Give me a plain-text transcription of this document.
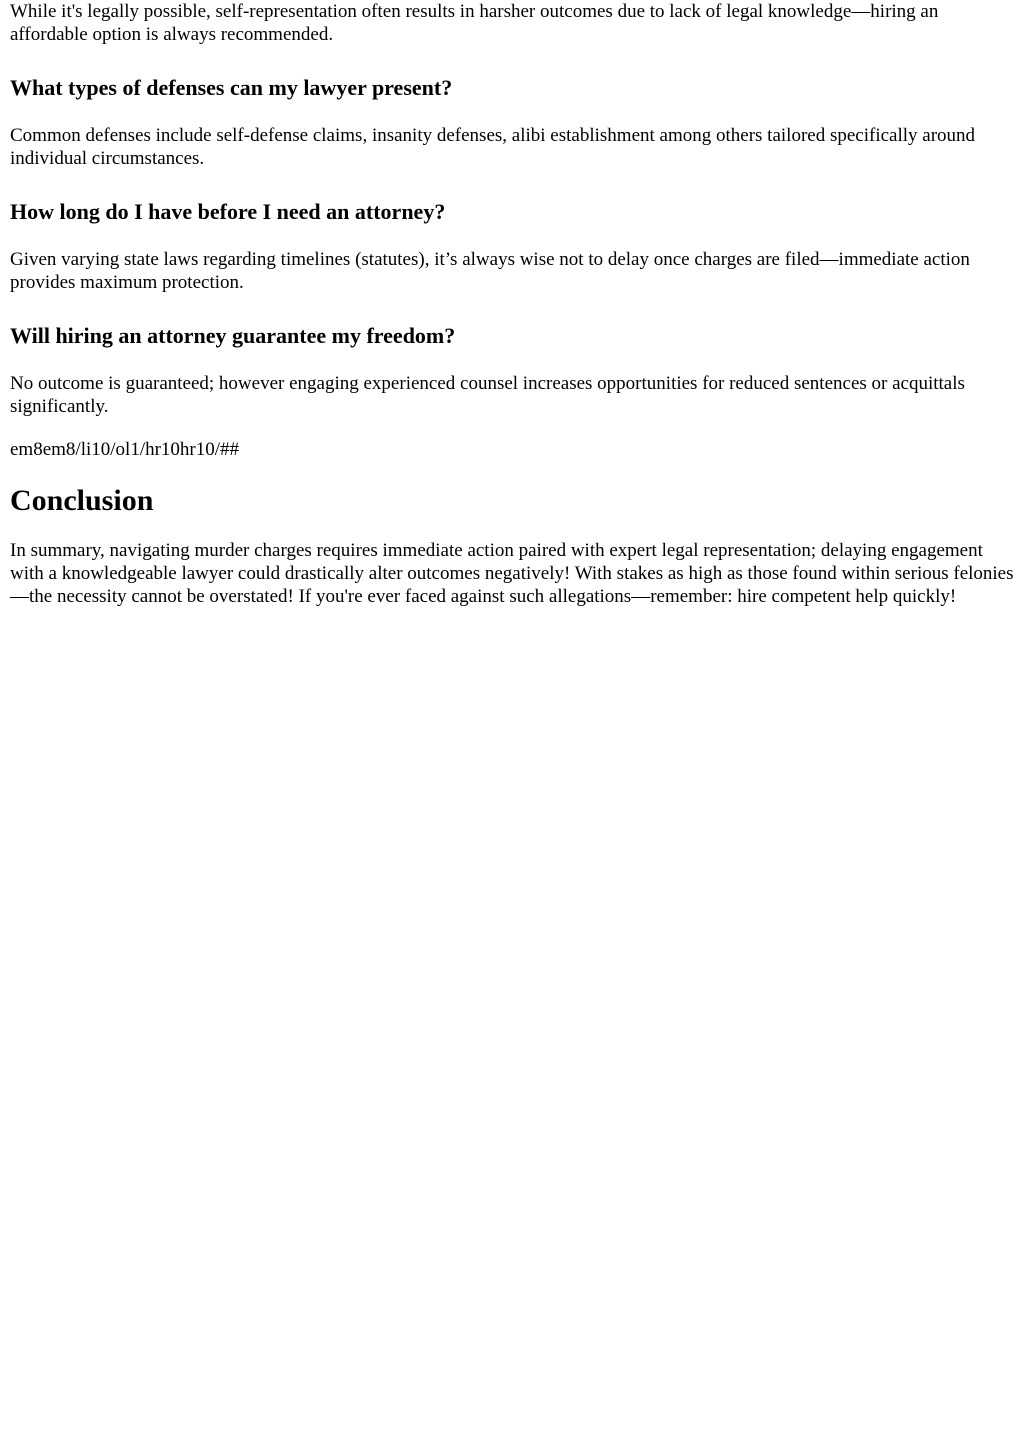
While it's legally possible, self-representation often results in harsher outcomes due to lack of legal knowledge—hiring an affordable option is always recommended.

What types of defenses can my lawyer present?

Common defenses include self-defense claims, insanity defenses, alibi establishment among others tailored specifically around individual circumstances.

How long do I have before I need an attorney?

Given varying state laws regarding timelines (statutes), it’s always wise not to delay once charges are filed—immediate action provides maximum protection.

Will hiring an attorney guarantee my freedom?

No outcome is guaranteed; however engaging experienced counsel increases opportunities for reduced sentences or acquittals significantly.

em8em8/li10/ol1/hr10hr10/##

Conclusion

In summary, navigating murder charges requires immediate action paired with expert legal representation; delaying engagement with a knowledgeable lawyer could drastically alter outcomes negatively! With stakes as high as those found within serious felonies—the necessity cannot be overstated! If you're ever faced against such allegations—remember: hire competent help quickly!
